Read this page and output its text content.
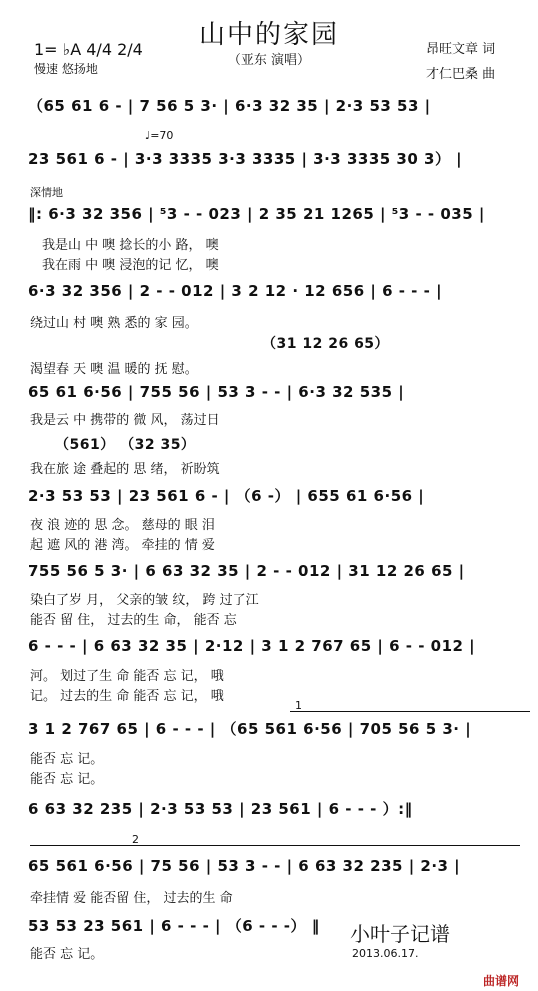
山中的家园
（亚东 演唱）
1= ♭A 4/4 2/4
慢速 悠扬地
昂旺文章 词
才仁巴桑 曲
（65 61 6 - | 7 56 5 3· | 6·3 32 35 | 2·3 53 53 |
♩=70
23 561 6 - | 3·3 3335 3·3 3335 | 3·3 3335 30 3） |
深情地
‖: 6·3 32 356 | ⁵3 - - 023 | 2 35 21 1265 | ⁵3 - - 035 |
我是山 中 噢 捻长的小 路， 噢
我在雨 中 噢 浸泡的记 忆， 噢
6·3 32 356 | 2 - - 012 | 3 2 12 · 12 656 | 6 - - - |
绕过山 村 噢 熟 悉的 家 园。
（31 12 26 65）
渴望春 天 噢 温 暖的 抚 慰。
65 61 6·56 | 755 56 | 53 3 - - | 6·3 32 535 |
我是云 中 携带的 微 风， 荡过日
（561） （32 35）
我在旅 途 叠起的 思 绪， 祈盼筑
2·3 53 53 | 23 561 6 - | （6 -） | 655 61 6·56 |
夜 浪 迹的 思 念。 慈母的 眼 泪
起 遮 风的 港 湾。 牵挂的 情 爱
755 56 5 3· | 6 63 32 35 | 2 - - 012 | 31 12 26 65 |
染白了岁 月， 父亲的皱 纹， 跨 过了江
能否 留 住， 过去的生 命， 能否 忘
6 - - - | 6 63 32 35 | 2·12 | 3 1 2 767 65 | 6 - - 012 |
河。 划过了生 命 能否 忘 记， 哦
记。 过去的生 命 能否 忘 记， 哦
1
3 1 2 767 65 | 6 - - - | （65 561 6·56 | 705 56 5 3· |
能否 忘 记。
能否 忘 记。
6 63 32 235 | 2·3 53 53 | 23 561 | 6 - - - ）:‖
2
65 561 6·56 | 75 56 | 53 3 - - | 6 63 32 235 | 2·3 |
牵挂情 爱 能否留 住， 过去的生 命
53 53 23 561 | 6 - - - | （6 - - -） ‖
能否 忘 记。
小叶子记谱
2013.06.17.
曲谱网
